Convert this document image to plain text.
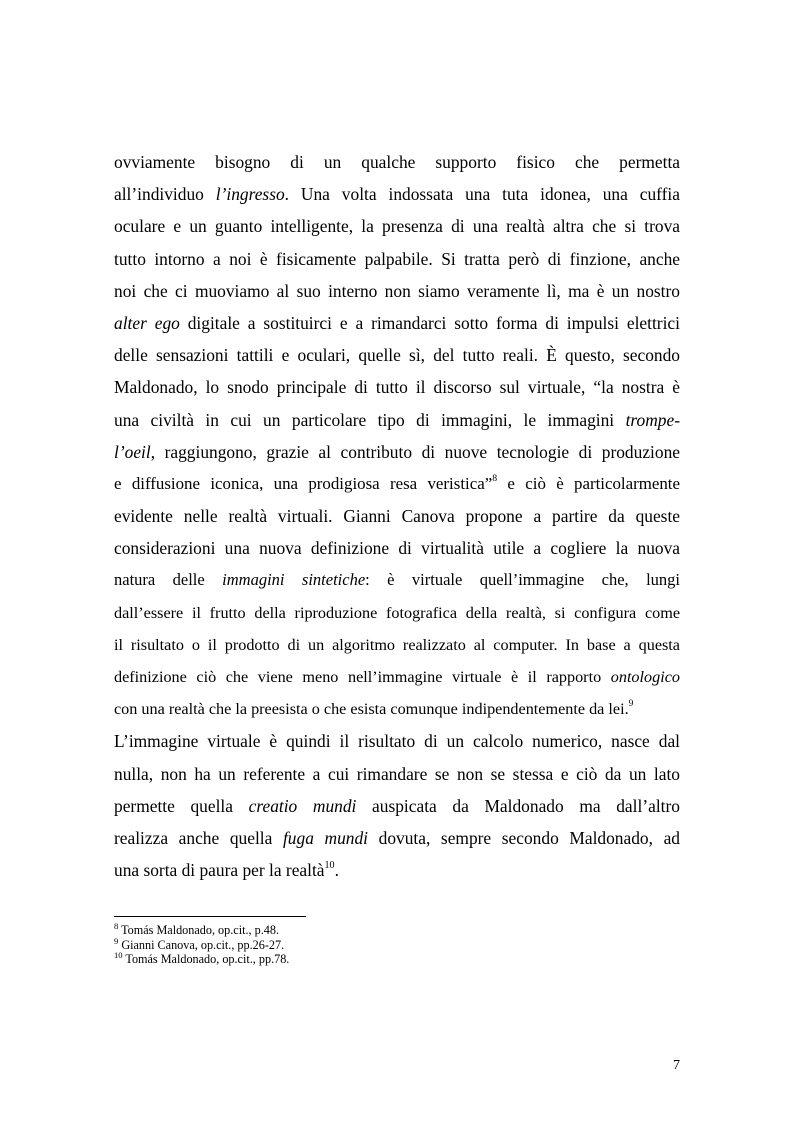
ovviamente bisogno di un qualche supporto fisico che permetta
all’individuo l’ingresso. Una volta indossata una tuta idonea, una cuffia
oculare e un guanto intelligente, la presenza di una realtà altra che si trova
tutto intorno a noi è fisicamente palpabile. Si tratta però di finzione, anche
noi che ci muoviamo al suo interno non siamo veramente lì, ma è un nostro
alter ego digitale a sostituirci e a rimandarci sotto forma di impulsi elettrici
delle sensazioni tattili e oculari, quelle sì, del tutto reali. È questo, secondo
Maldonado, lo snodo principale di tutto il discorso sul virtuale, “la nostra è
una civiltà in cui un particolare tipo di immagini, le immagini trompe-
l’oeil, raggiungono, grazie al contributo di nuove tecnologie di produzione
e diffusione iconica, una prodigiosa resa veristica”$^8$ e ciò è particolarmente
evidente nelle realtà virtuali. Gianni Canova propone a partire da queste
considerazioni una nuova definizione di virtualità utile a cogliere la nuova
natura delle immagini sintetiche: è virtuale quell’immagine che, lungi
dall’essere il frutto della riproduzione fotografica della realtà, si configura come
il risultato o il prodotto di un algoritmo realizzato al computer. In base a questa
definizione ciò che viene meno nell’immagine virtuale è il rapporto ontologico
con una realtà che la preesista o che esista comunque indipendentemente da lei.$^9$
L’immagine virtuale è quindi il risultato di un calcolo numerico, nasce dal
nulla, non ha un referente a cui rimandare se non se stessa e ciò da un lato
permette quella creatio mundi auspicata da Maldonado ma dall’altro
realizza anche quella fuga mundi dovuta, sempre secondo Maldonado, ad
una sorta di paura per la realtà$^{10}$.
$^8$ Tomás Maldonado, op.cit., p.48.
$^9$ Gianni Canova, op.cit., pp.26-27.
$^{10}$ Tomás Maldonado, op.cit., pp.78.
7
